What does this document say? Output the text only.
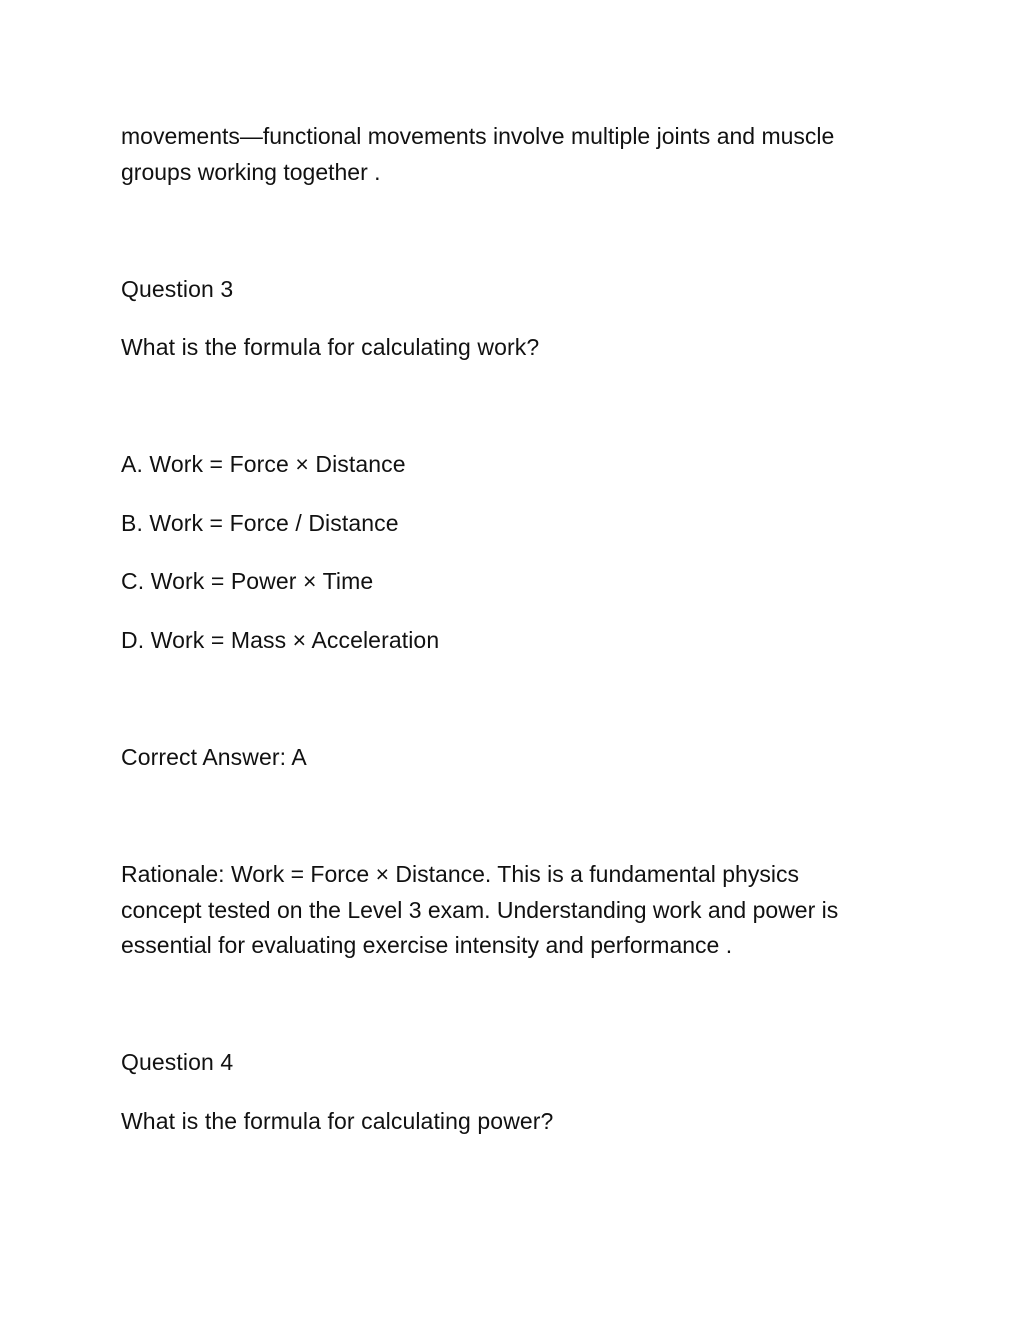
movements—functional movements involve multiple joints and muscle
groups working together .
Question 3
What is the formula for calculating work?
A. Work = Force × Distance
B. Work = Force / Distance
C. Work = Power × Time
D. Work = Mass × Acceleration
Correct Answer: A
Rationale: Work = Force × Distance. This is a fundamental physics
concept tested on the Level 3 exam. Understanding work and power is
essential for evaluating exercise intensity and performance .
Question 4
What is the formula for calculating power?
